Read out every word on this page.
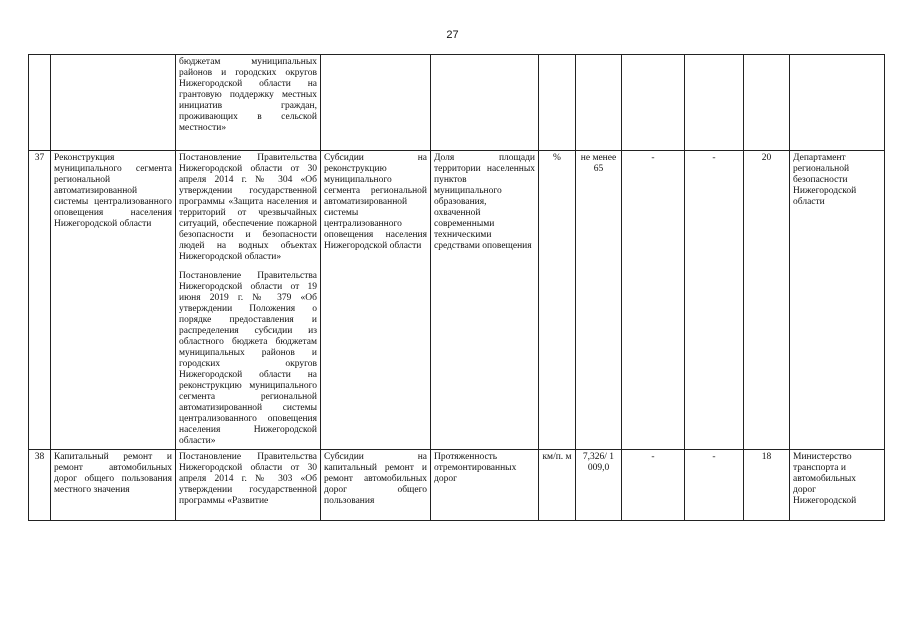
27

		бюджетам муниципальных районов и городских округов Нижегородской области на грантовую поддержку местных инициатив граждан, проживающих в сельской местности»								

37	Реконструкция муниципального сегмента региональной автоматизированной системы централизованного оповещения населения Нижегородской области	Постановление Правительства Нижегородской области от 30 апреля 2014 г. № 304 «Об утверждении государственной программы «Защита населения и территорий от чрезвычайных ситуаций, обеспечение пожарной безопасности и безопасности людей на водных объектах Нижегородской области»
Постановление Правительства Нижегородской области от 19 июня 2019 г. № 379 «Об утверждении Положения о порядке предоставления и распределения субсидии из областного бюджета бюджетам муниципальных районов и городских округов Нижегородской области на реконструкцию муниципального сегмента региональной автоматизированной системы централизованного оповещения населения Нижегородской области»	Субсидии на реконструкцию муниципального сегмента региональной автоматизированной системы централизованного оповещения населения Нижегородской области	Доля площади территории населенных пунктов муниципального образования, охваченной современными техническими средствами оповещения	%	не менее 65	-	-	20	Департамент региональной безопасности Нижегородской области
38	Капитальный ремонт и ремонт автомобильных дорог общего пользования местного значения	Постановление Правительства Нижегородской области от 30 апреля 2014 г. № 303 «Об утверждении государственной программы «Развитие	Субсидии на капитальный ремонт и ремонт автомобильных дорог общего пользования	Протяженность отремонтированных дорог	км/п. м	7,326/ 1 009,0	-	-	18	Министерство транспорта и автомобильных дорог Нижегородской
